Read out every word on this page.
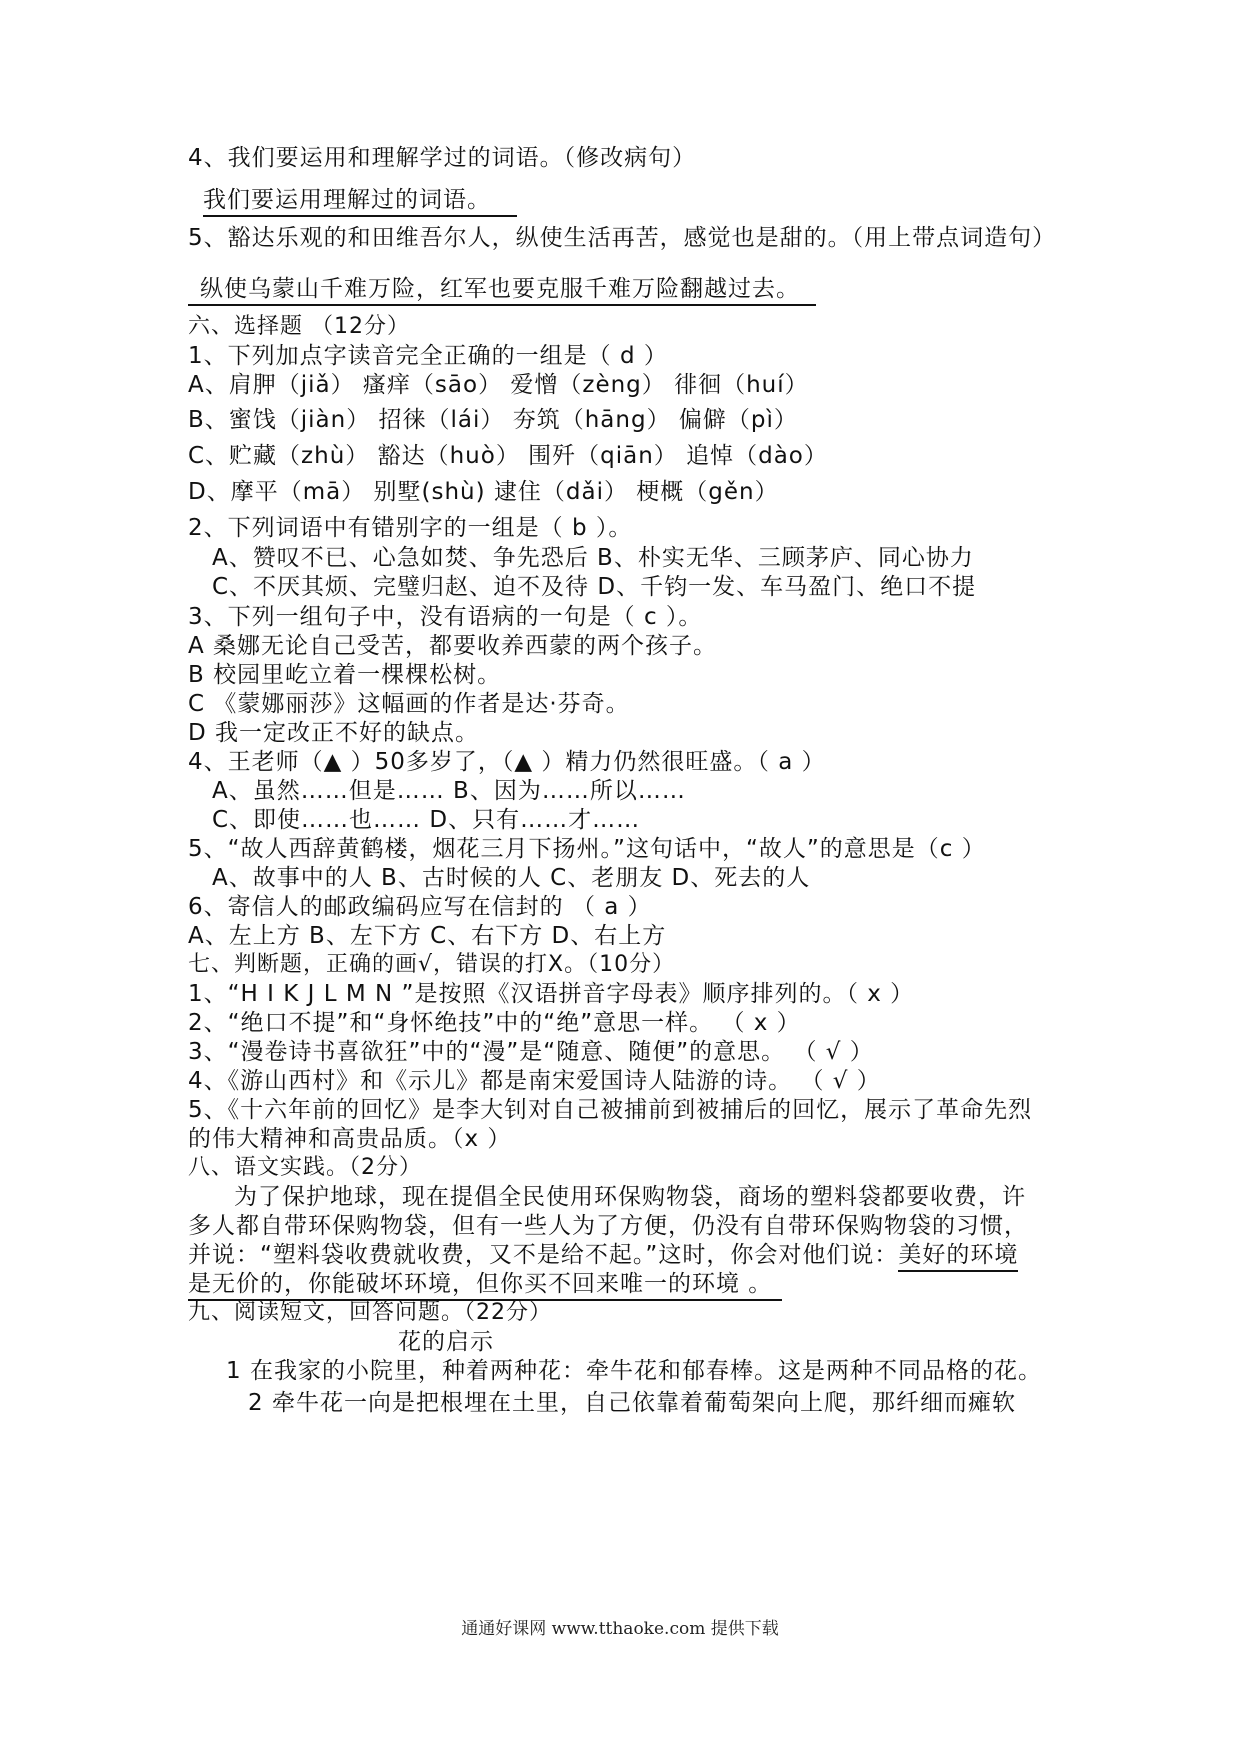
4、我们要运用和理解学过的词语。（修改病句）
我们要运用理解过的词语。
5、豁达乐观的和田维吾尔人，纵使生活再苦，感觉也是甜的。（用上带点词造句）
纵使乌蒙山千难万险，红军也要克服千难万险翻越过去。
六、选择题 （12分）
1、下列加点字读音完全正确的一组是（ d ）
A、肩胛（jiǎ） 瘙痒（sāo） 爱憎（zèng） 徘徊（huí）
B、蜜饯（jiàn） 招徕（lái） 夯筑（hāng） 偏僻（pì）
C、贮藏（zhù） 豁达（huò） 围歼（qiān） 追悼（dào）
D、摩平（mā） 别墅(shù) 逮住（dǎi） 梗概（gěn）
2、下列词语中有错别字的一组是（ b ）。
A、赞叹不已、心急如焚、争先恐后 B、朴实无华、三顾茅庐、同心协力
C、不厌其烦、完璧归赵、迫不及待 D、千钧一发、车马盈门、绝口不提
3、下列一组句子中，没有语病的一句是（ c ）。
A 桑娜无论自己受苦，都要收养西蒙的两个孩子。
B 校园里屹立着一棵棵松树。
C 《蒙娜丽莎》这幅画的作者是达·芬奇。
D 我一定改正不好的缺点。
4、王老师（▲ ）50多岁了，（▲ ）精力仍然很旺盛。（ a ）
A、虽然……但是…… B、因为……所以……
C、即使……也…… D、只有……才……
5、“故人西辞黄鹤楼，烟花三月下扬州。”这句话中，“故人”的意思是（c ）
A、故事中的人 B、古时候的人 C、老朋友 D、死去的人
6、寄信人的邮政编码应写在信封的 （ a ）
A、左上方 B、左下方 C、右下方 D、右上方
七、判断题，正确的画√，错误的打X。（10分）
1、“H I K J L M N ”是按照《汉语拼音字母表》顺序排列的。（ x ）
2、“绝口不提”和“身怀绝技”中的“绝”意思一样。 （ x ）
3、“漫卷诗书喜欲狂”中的“漫”是“随意、随便”的意思。 （ √ ）
4、《游山西村》和《示儿》都是南宋爱国诗人陆游的诗。 （ √ ）
5、《十六年前的回忆》是李大钊对自己被捕前到被捕后的回忆，展示了革命先烈
的伟大精神和高贵品质。（x ）
八、语文实践。（2分）
为了保护地球，现在提倡全民使用环保购物袋，商场的塑料袋都要收费，许
多人都自带环保购物袋，但有一些人为了方便，仍没有自带环保购物袋的习惯，
并说：“塑料袋收费就收费，又不是给不起。”这时，你会对他们说：美好的环境
是无价的，你能破坏环境，但你买不回来唯一的环境 。
九、阅读短文，回答问题。（22分）
花的启示
1 在我家的小院里，种着两种花：牵牛花和郁春棒。这是两种不同品格的花。
2 牵牛花一向是把根埋在土里，自己依靠着葡萄架向上爬，那纤细而瘫软
通通好课网 www.tthaoke.com 提供下载
